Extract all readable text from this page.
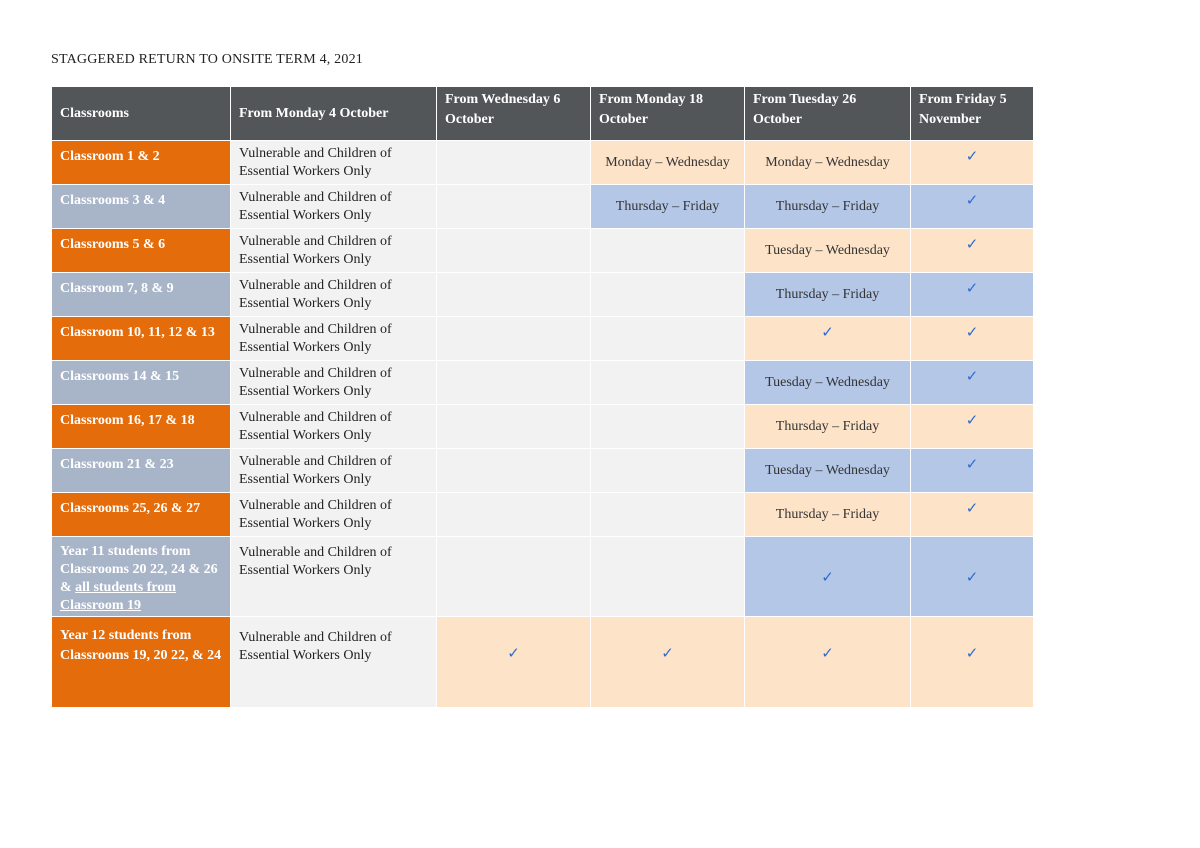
STAGGERED RETURN TO ONSITE TERM 4, 2021
Classrooms	From Monday 4 October	From Wednesday 6 October	From Monday 18 October	From Tuesday 26 October	From Friday 5 November
Classroom 1 & 2	Vulnerable and Children of Essential Workers Only		Monday – Wednesday	Monday – Wednesday	✓
Classrooms 3 & 4	Vulnerable and Children of Essential Workers Only		Thursday – Friday	Thursday – Friday	✓
Classrooms 5 & 6	Vulnerable and Children of Essential Workers Only			Tuesday – Wednesday	✓
Classroom 7, 8 & 9	Vulnerable and Children of Essential Workers Only			Thursday – Friday	✓
Classroom 10, 11, 12 & 13	Vulnerable and Children of Essential Workers Only			✓	✓
Classrooms 14 & 15	Vulnerable and Children of Essential Workers Only			Tuesday – Wednesday	✓
Classroom 16, 17 & 18	Vulnerable and Children of Essential Workers Only			Thursday – Friday	✓
Classroom 21 & 23	Vulnerable and Children of Essential Workers Only			Tuesday – Wednesday	✓
Classrooms 25, 26 & 27	Vulnerable and Children of Essential Workers Only			Thursday – Friday	✓
Year 11 students from Classrooms 20 22, 24 & 26 & all students from Classroom 19	Vulnerable and Children of Essential Workers Only			✓	✓
Year 12 students from Classrooms 19, 20 22, & 24	Vulnerable and Children of Essential Workers Only	✓	✓	✓	✓
